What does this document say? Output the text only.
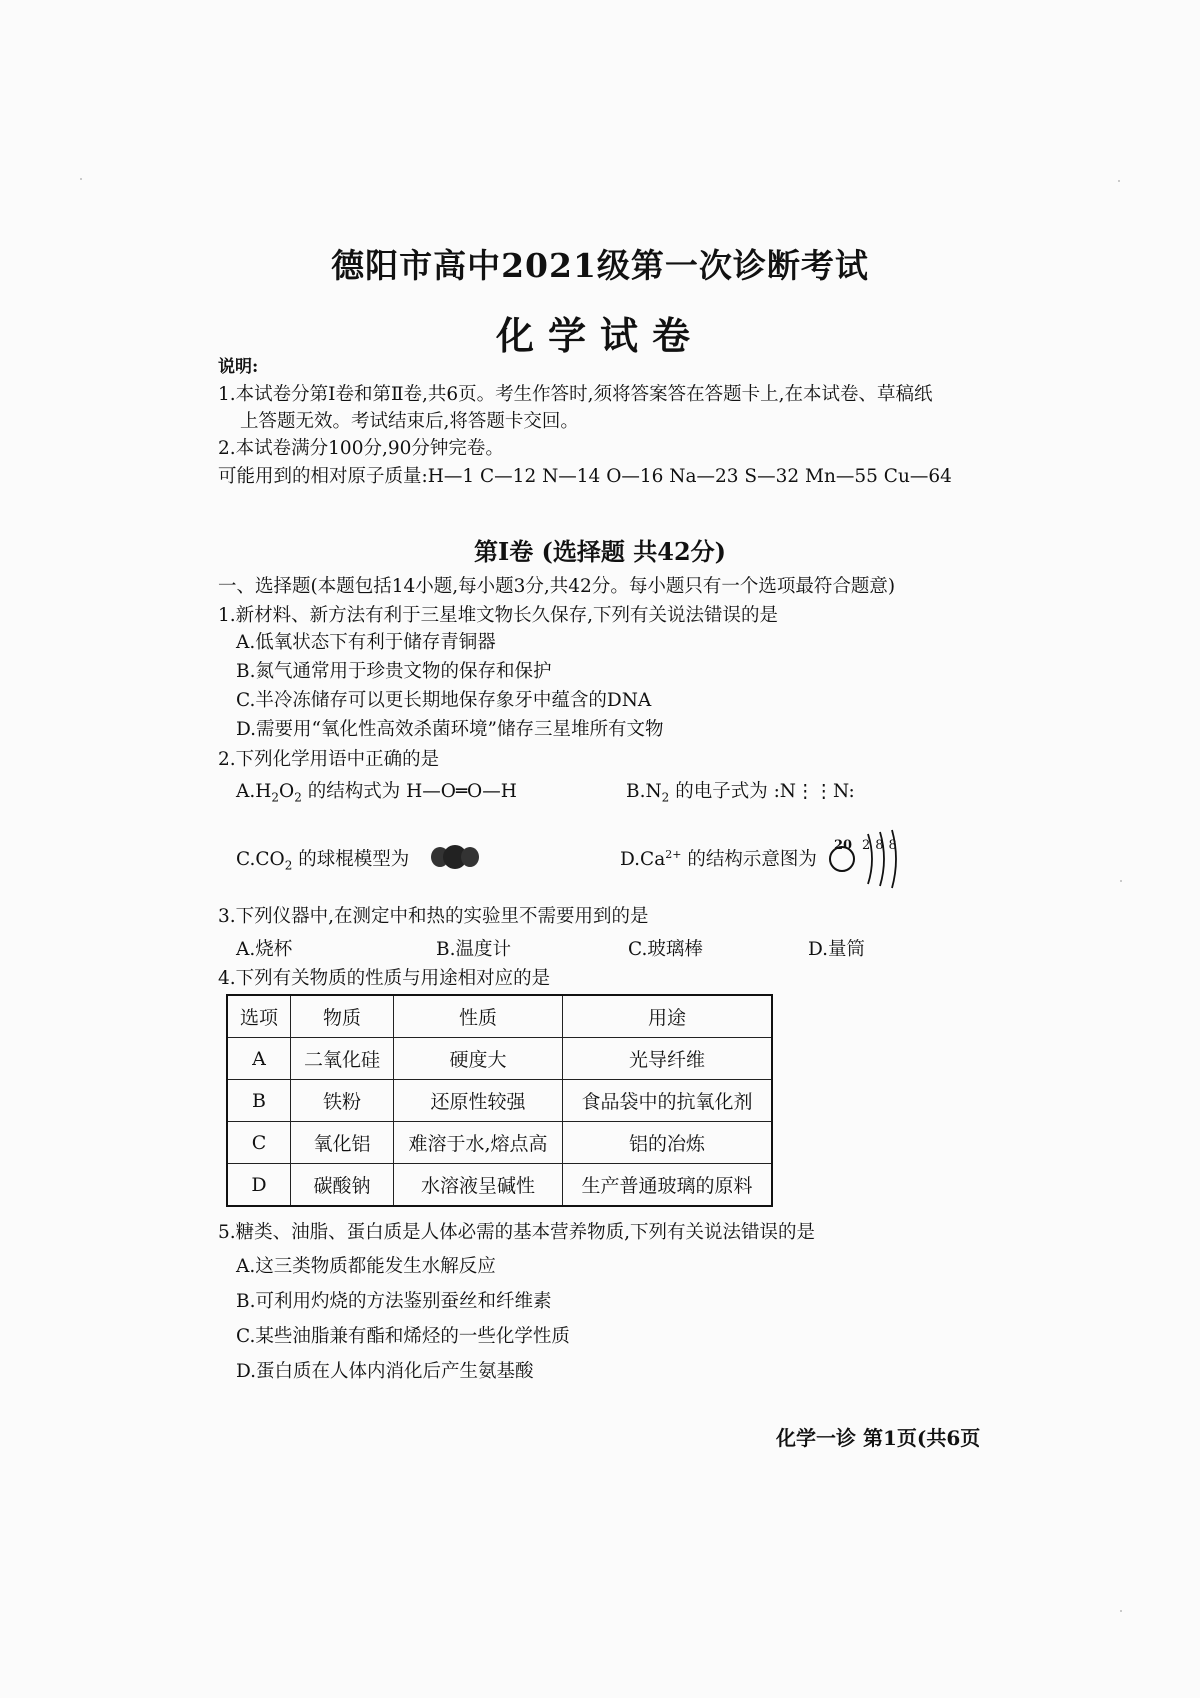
德阳市高中2021级第一次诊断考试
化学试卷
说明:
1.本试卷分第Ⅰ卷和第Ⅱ卷,共6页。考生作答时,须将答案答在答题卡上,在本试卷、草稿纸
上答题无效。考试结束后,将答题卡交回。
2.本试卷满分100分,90分钟完卷。
可能用到的相对原子质量:H—1 C—12 N—14 O—16 Na—23 S—32 Mn—55 Cu—64
第Ⅰ卷 (选择题 共42分)
一、选择题(本题包括14小题,每小题3分,共42分。每小题只有一个选项最符合题意)
1.新材料、新方法有利于三星堆文物长久保存,下列有关说法错误的是
A.低氧状态下有利于储存青铜器
B.氮气通常用于珍贵文物的保存和保护
C.半冷冻储存可以更长期地保存象牙中蕴含的DNA
D.需要用“氧化性高效杀菌环境”储存三星堆所有文物
2.下列化学用语中正确的是
$A.H_2O_2$ 的结构式为 H—O═O—H	$B.N_2$ 的电子式为 :N⋮⋮N:
$C.CO_2$ 的球棍模型为	$D.Ca^{2+}$ 的结构示意图为
20 288
3.下列仪器中,在测定中和热的实验里不需要用到的是
A.烧杯	B.温度计	C.玻璃棒	D.量筒
4.下列有关物质的性质与用途相对应的是
选项	物质	性质	用途
A	二氧化硅	硬度大	光导纤维
B	铁粉	还原性较强	食品袋中的抗氧化剂
C	氧化铝	难溶于水,熔点高	铝的冶炼
D	碳酸钠	水溶液呈碱性	生产普通玻璃的原料
5.糖类、油脂、蛋白质是人体必需的基本营养物质,下列有关说法错误的是
A.这三类物质都能发生水解反应
B.可利用灼烧的方法鉴别蚕丝和纤维素
C.某些油脂兼有酯和烯烃的一些化学性质
D.蛋白质在人体内消化后产生氨基酸
化学一诊 第1页(共6页
